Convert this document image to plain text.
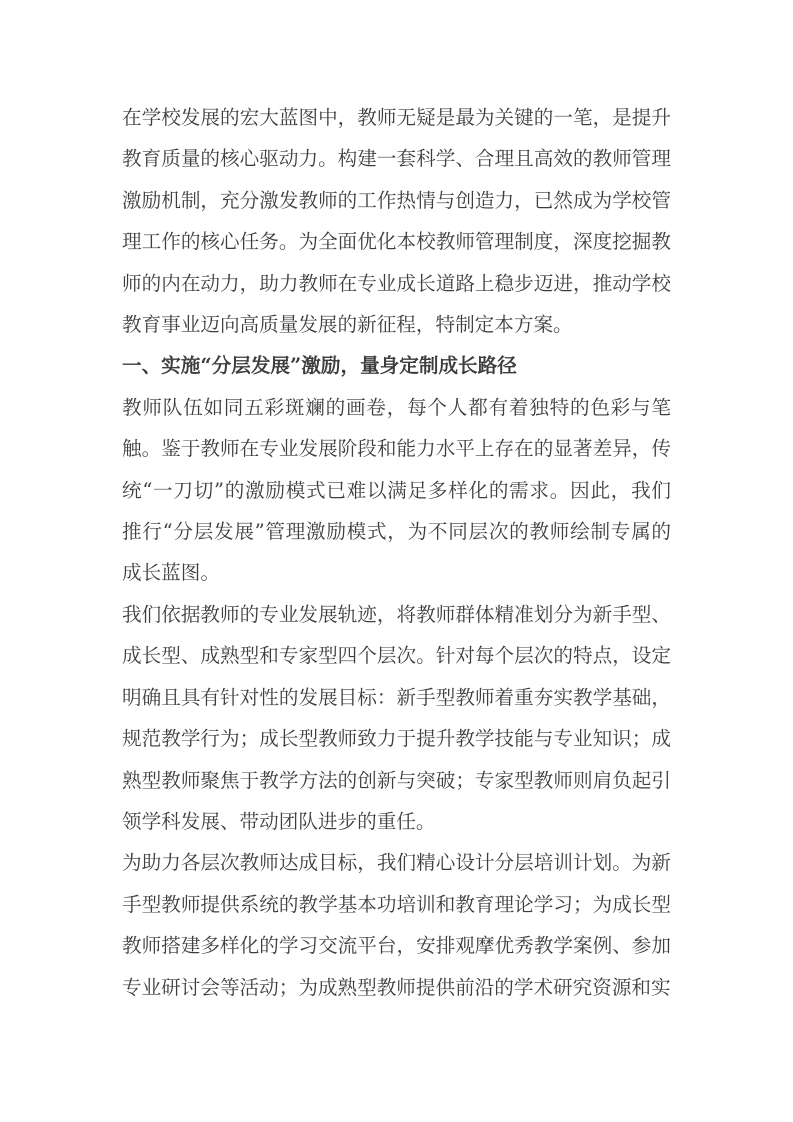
在学校发展的宏大蓝图中，教师无疑是最为关键的一笔，是提升教育质量的核心驱动力。构建一套科学、合理且高效的教师管理激励机制，充分激发教师的工作热情与创造力，已然成为学校管理工作的核心任务。为全面优化本校教师管理制度，深度挖掘教师的内在动力，助力教师在专业成长道路上稳步迈进，推动学校教育事业迈向高质量发展的新征程，特制定本方案。

一、实施“分层发展”激励，量身定制成长路径

教师队伍如同五彩斑斓的画卷，每个人都有着独特的色彩与笔触。鉴于教师在专业发展阶段和能力水平上存在的显著差异，传统“一刀切”的激励模式已难以满足多样化的需求。因此，我们推行“分层发展”管理激励模式，为不同层次的教师绘制专属的成长蓝图。

我们依据教师的专业发展轨迹，将教师群体精准划分为新手型、成长型、成熟型和专家型四个层次。针对每个层次的特点，设定明确且具有针对性的发展目标：新手型教师着重夯实教学基础，规范教学行为；成长型教师致力于提升教学技能与专业知识；成熟型教师聚焦于教学方法的创新与突破；专家型教师则肩负起引领学科发展、带动团队进步的重任。

为助力各层次教师达成目标，我们精心设计分层培训计划。为新手型教师提供系统的教学基本功培训和教育理论学习；为成长型教师搭建多样化的学习交流平台，安排观摩优秀教学案例、参加专业研讨会等活动；为成熟型教师提供前沿的学术研究资源和实
